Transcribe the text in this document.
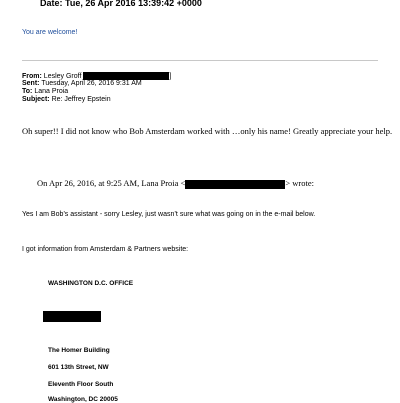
Date: Tue, 26 Apr 2016 13:39:42 +0000
You are welcome!
From: Lesley Groff	]
Sent: Tuesday, April 26, 2016 9:31 AM
To: Lana Proia
Subject: Re: Jeffrey Epstein
Oh super!! I did not know who Bob Amsterdam worked with …only his name! Greatly appreciate your help.
On Apr 26, 2016, at 9:25 AM, Lana Proia <	> wrote:
Yes I am Bob’s assistant - sorry Lesley, just wasn’t sure what was going on in the e-mail below.
I got information from Amsterdam & Partners website:
WASHINGTON D.C. OFFICE
The Homer Building
601 13th Street, NW
Eleventh Floor South
Washington, DC 20005
